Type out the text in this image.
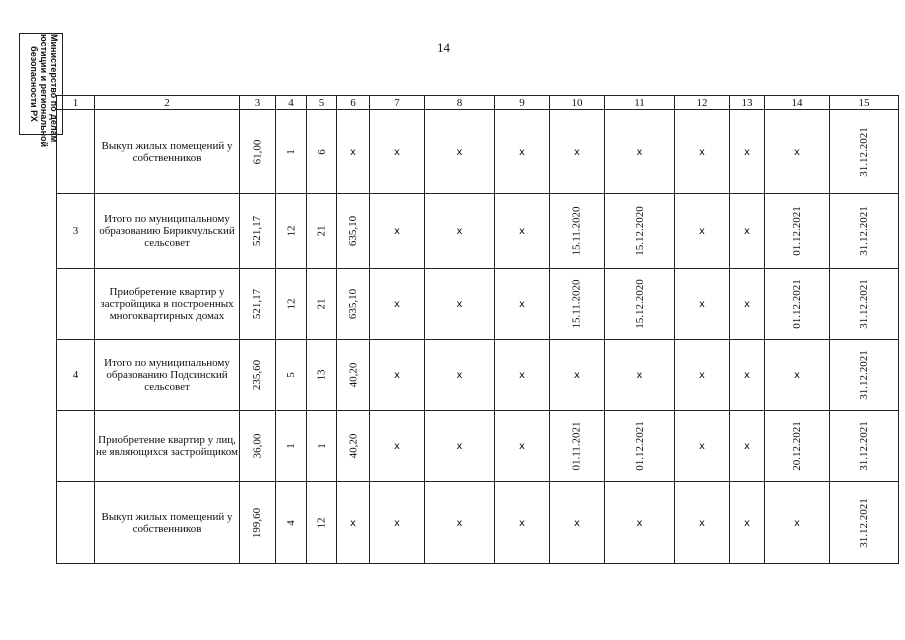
14
Министерство по делам
юстиции и региональной
безопасности РХ	1	2	3	4	5	6	7	8	9	10	11	12	13	14	15
	Выкуп жилых помещений у собственников	61,00	1	6	x	x	x	x	x	x	x	x	x	31.12.2021
3	Итого по муниципальному образованию Бирикчульский сельсовет	521,17	12	21	635,10	x	x	x	15.11.2020	15.12.2020	x	x	01.12.2021	31.12.2021
	Приобретение квартир у застройщика в построенных многоквартирных домах	521,17	12	21	635,10	x	x	x	15.11.2020	15.12.2020	x	x	01.12.2021	31.12.2021
4	Итого по муниципальному образованию Подсинский сельсовет	235,60	5	13	40,20	x	x	x	x	x	x	x	x	31.12.2021
	Приобретение квартир у лиц, не являющихся застройщиком	36,00	1	1	40,20	x	x	x	01.11.2021	01.12.2021	x	x	20.12.2021	31.12.2021
	Выкуп жилых помещений у собственников	199,60	4	12	x	x	x	x	x	x	x	x	x	31.12.2021
